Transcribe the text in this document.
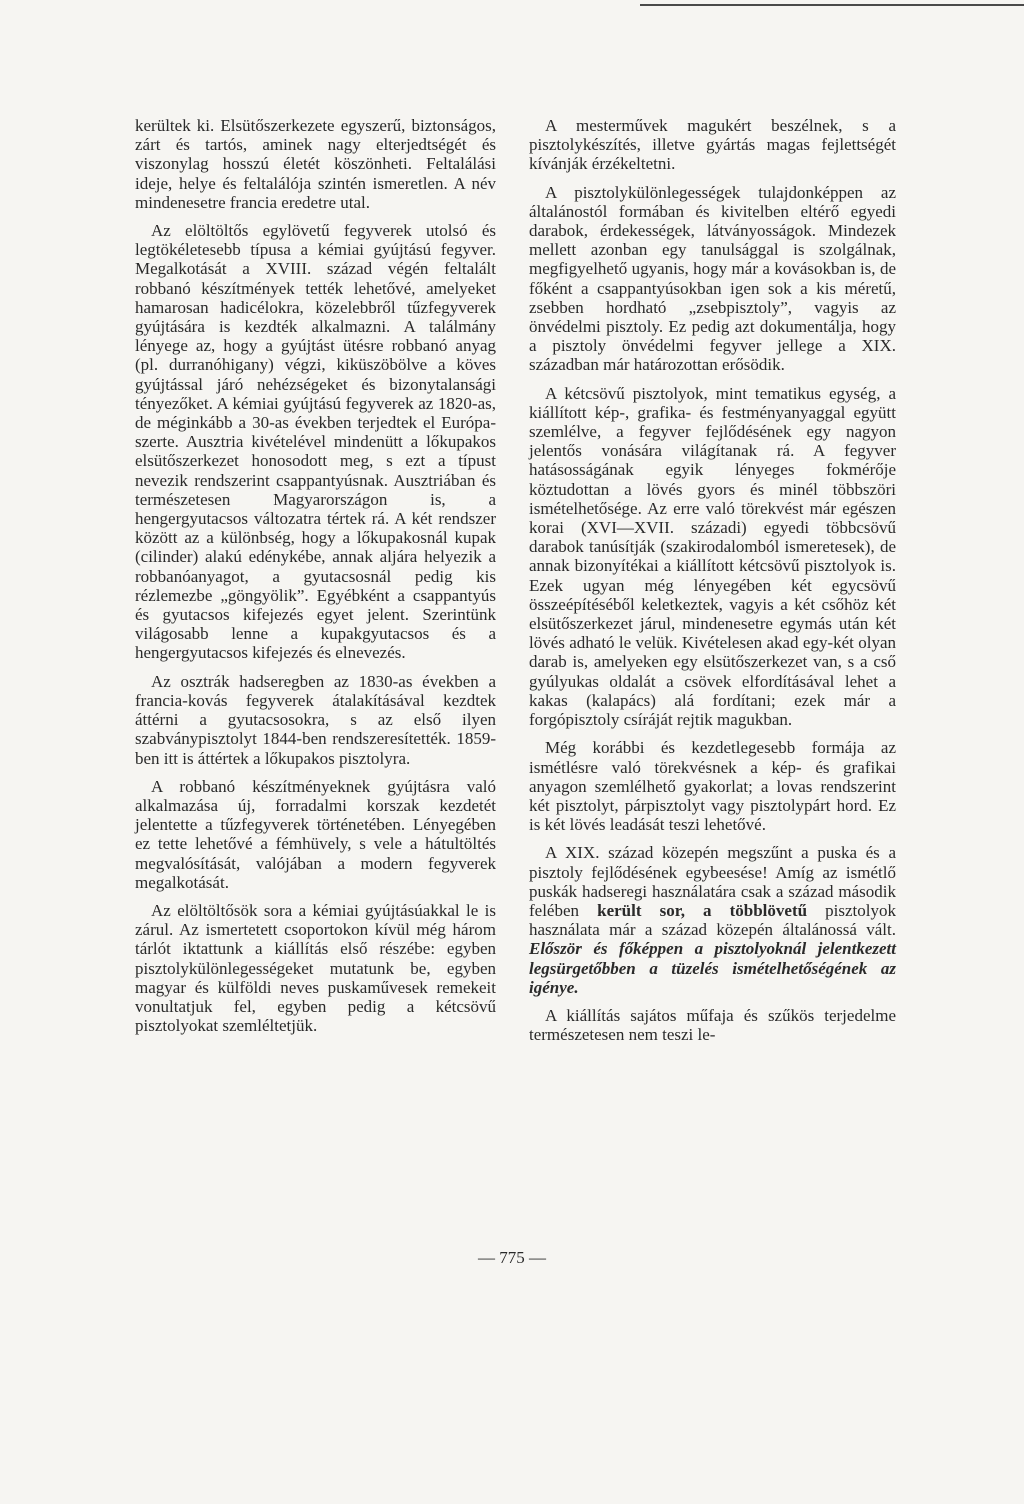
kerültek ki. Elsütőszerkezete egyszerű, biztonságos, zárt és tartós, aminek nagy elterjedtségét és viszonylag hosszú életét köszönheti. Feltalálási ideje, helye és feltalálója szintén ismeretlen. A név mindenesetre francia eredetre utal.

Az elöltöltős egylövetű fegyverek utolsó és legtökéletesebb típusa a kémiai gyújtású fegyver. Megalkotását a XVIII. század végén feltalált robbanó készítmények tették lehetővé, amelyeket hamarosan hadicélokra, közelebbről tűzfegyverek gyújtására is kezdték alkalmazni. A találmány lényege az, hogy a gyújtást ütésre robbanó anyag (pl. durranóhigany) végzi, kiküszöbölve a köves gyújtással járó nehézségeket és bizonytalansági tényezőket. A kémiai gyújtású fegyverek az 1820-as, de méginkább a 30-as években terjedtek el Európa-szerte. Ausztria kivételével mindenütt a lőkupakos elsütőszerkezet honosodott meg, s ezt a típust nevezik rendszerint csappantyúsnak. Ausztriában és természetesen Magyarországon is, a hengergyutacsos változatra tértek rá. A két rendszer között az a különbség, hogy a lőkupakosnál kupak (cilinder) alakú edénykébe, annak aljára helyezik a robbanóanyagot, a gyutacsosnál pedig kis rézlemezbe „göngyölik”. Egyébként a csappantyús és gyutacsos kifejezés egyet jelent. Szerintünk világosabb lenne a kupakgyutacsos és a hengergyutacsos kifejezés és elnevezés.

Az osztrák hadseregben az 1830-as években a francia-kovás fegyverek átalakításával kezdtek áttérni a gyutacsosokra, s az első ilyen szabványpisztolyt 1844-ben rendszeresítették. 1859-ben itt is áttértek a lőkupakos pisztolyra.

A robbanó készítményeknek gyújtásra való alkalmazása új, forradalmi korszak kezdetét jelentette a tűzfegyverek történetében. Lényegében ez tette lehetővé a fémhüvely, s vele a hátultöltés megvalósítását, valójában a modern fegyverek megalkotását.

Az elöltöltősök sora a kémiai gyújtásúakkal le is zárul. Az ismertetett csoportokon kívül még három tárlót iktattunk a kiállítás első részébe: egyben pisztolykülönlegességeket mutatunk be, egyben magyar és külföldi neves puskaművesek remekeit vonultatjuk fel, egyben pedig a kétcsövű pisztolyokat szemléltetjük.

A mesterművek magukért beszélnek, s a pisztolykészítés, illetve gyártás magas fejlettségét kívánják érzékeltetni.

A pisztolykülönlegességek tulajdonképpen az általánostól formában és kivitelben eltérő egyedi darabok, érdekességek, látványosságok. Mindezek mellett azonban egy tanulsággal is szolgálnak, megfigyelhető ugyanis, hogy már a kovásokban is, de főként a csappantyúsokban igen sok a kis méretű, zsebben hordható „zsebpisztoly”, vagyis az önvédelmi pisztoly. Ez pedig azt dokumentálja, hogy a pisztoly önvédelmi fegyver jellege a XIX. században már határozottan erősödik.

A kétcsövű pisztolyok, mint tematikus egység, a kiállított kép-, grafika- és festményanyaggal együtt szemlélve, a fegyver fejlődésének egy nagyon jelentős vonására világítanak rá. A fegyver hatásosságának egyik lényeges fokmérője köztudottan a lövés gyors és minél többszöri ismételhetősége. Az erre való törekvést már egészen korai (XVI—XVII. századi) egyedi többcsövű darabok tanúsítják (szakirodalomból ismeretesek), de annak bizonyítékai a kiállított kétcsövű pisztolyok is. Ezek ugyan még lényegében két egycsövű összeépítéséből keletkeztek, vagyis a két csőhöz két elsütőszerkezet járul, mindenesetre egymás után két lövés adható le velük. Kivételesen akad egy-két olyan darab is, amelyeken egy elsütőszerkezet van, s a cső gyúlyukas oldalát a csövek elfordításával lehet a kakas (kalapács) alá fordítani; ezek már a forgópisztoly csíráját rejtik magukban.

Még korábbi és kezdetlegesebb formája az ismétlésre való törekvésnek a kép- és grafikai anyagon szemlélhető gyakorlat; a lovas rendszerint két pisztolyt, párpisztolyt vagy pisztolypárt hord. Ez is két lövés leadását teszi lehetővé.

A XIX. század közepén megszűnt a puska és a pisztoly fejlődésének egybeesése! Amíg az ismétlő puskák hadseregi használatára csak a század második felében került sor, a többlövetű pisztolyok használata már a század közepén általánossá vált. Először és főképpen a pisztolyoknál jelentkezett legsürgetőbben a tüzelés ismételhetőségének az igénye.

A kiállítás sajátos műfaja és szűkös terjedelme természetesen nem teszi le-

— 775 —
